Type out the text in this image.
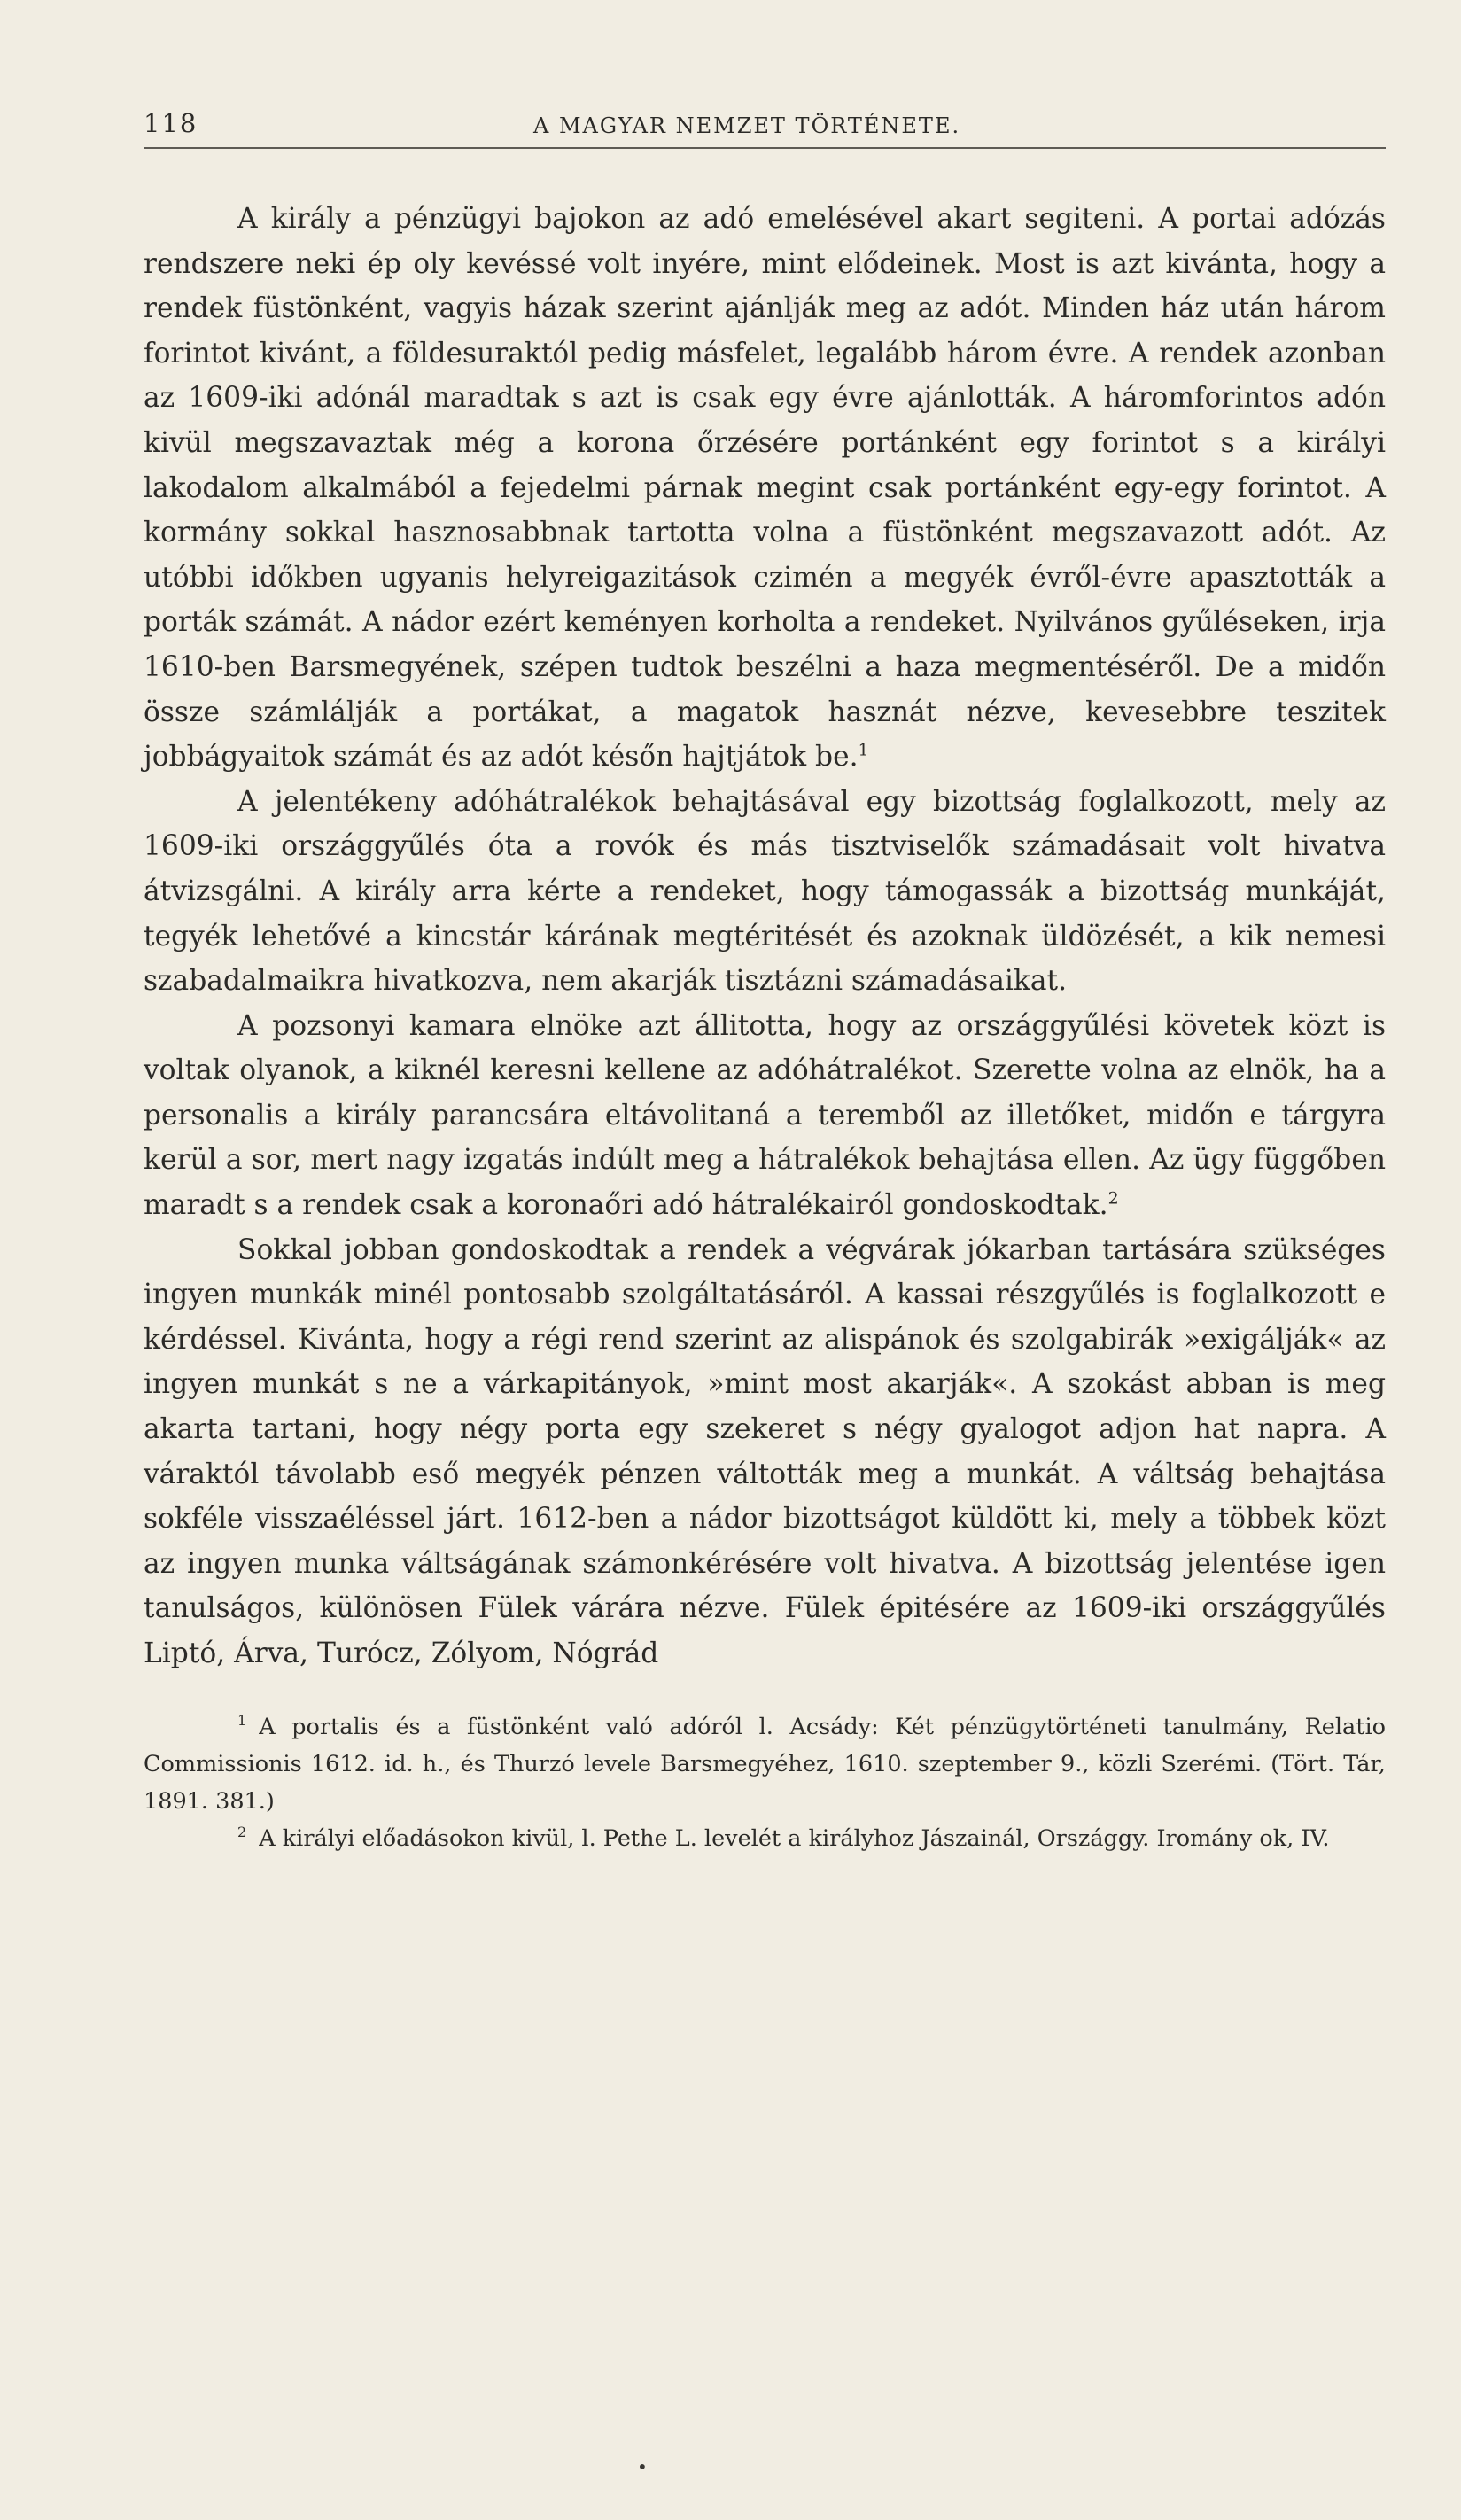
118	A MAGYAR NEMZET TÖRTÉNETE.

A király a pénzügyi bajokon az adó emelésével akart segiteni. A portai adózás rendszere neki ép oly kevéssé volt inyére, mint elődeinek. Most is azt kivánta, hogy a rendek füstönként, vagyis házak szerint ajánlják meg az adót. Minden ház után három forintot kivánt, a földesuraktól pedig másfelet, legalább három évre. A rendek azonban az 1609-iki adónál maradtak s azt is csak egy évre ajánlották. A háromforintos adón kivül megszavaztak még a korona őrzésére portánként egy forintot s a királyi lakodalom alkalmából a fejedelmi párnak megint csak portánként egy-egy forintot. A kormány sokkal hasznosabbnak tartotta volna a füstönként megszavazott adót. Az utóbbi időkben ugyanis helyreigazitások czimén a megyék évről-évre apasztották a porták számát. A nádor ezért keményen korholta a rendeket. Nyilvános gyűléseken, irja 1610-ben Barsmegyének, szépen tudtok beszélni a haza megmentéséről. De a midőn össze számlálják a portákat, a magatok hasznát nézve, kevesebbre teszitek jobbágyaitok számát és az adót későn hajtjátok be.$^1$

A jelentékeny adóhátralékok behajtásával egy bizottság foglalkozott, mely az 1609-iki országgyűlés óta a rovók és más tisztviselők számadásait volt hivatva átvizsgálni. A király arra kérte a rendeket, hogy támogassák a bizottság munkáját, tegyék lehetővé a kincstár kárának megtéritését és azoknak üldözését, a kik nemesi szabadalmaikra hivatkozva, nem akarják tisztázni számadásaikat.

A pozsonyi kamara elnöke azt állitotta, hogy az országgyűlési követek közt is voltak olyanok, a kiknél keresni kellene az adóhátralékot. Szerette volna az elnök, ha a personalis a király parancsára eltávolitaná a teremből az illetőket, midőn e tárgyra kerül a sor, mert nagy izgatás indúlt meg a hátralékok behajtása ellen. Az ügy függőben maradt s a rendek csak a koronaőri adó hátralékairól gondoskodtak.$^2$

Sokkal jobban gondoskodtak a rendek a végvárak jókarban tartására szükséges ingyen munkák minél pontosabb szolgáltatásáról. A kassai részgyűlés is foglalkozott e kérdéssel. Kivánta, hogy a régi rend szerint az alispánok és szolgabirák »exigálják« az ingyen munkát s ne a várkapitányok, »mint most akarják«. A szokást abban is meg akarta tartani, hogy négy porta egy szekeret s négy gyalogot adjon hat napra. A váraktól távolabb eső megyék pénzen váltották meg a munkát. A váltság behajtása sokféle visszaéléssel járt. 1612-ben a nádor bizottságot küldött ki, mely a többek közt az ingyen munka váltságának számonkérésére volt hivatva. A bizottság jelentése igen tanulságos, különösen Fülek várára nézve. Fülek épitésére az 1609-iki országgyűlés Liptó, Árva, Turócz, Zólyom, Nógrád

$^1$ A portalis és a füstönként való adóról l. Acsády: Két pénzügytörténeti tanulmány, Relatio Commissionis 1612. id. h., és Thurzó levele Barsmegyéhez, 1610. szeptember 9., közli Szerémi. (Tört. Tár, 1891. 381.)

$^2$ A királyi előadásokon kivül, l. Pethe L. levelét a királyhoz Jászainál, Országgy. Iromány ok, IV.

•
